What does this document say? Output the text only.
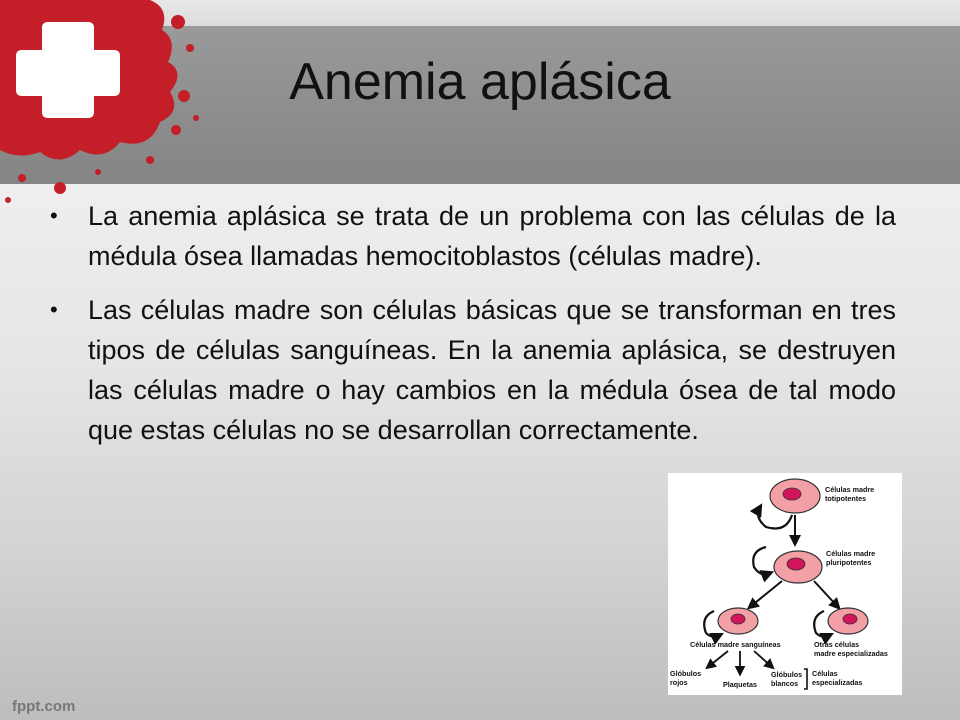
Anemia aplásica
•	La anemia aplásica se trata de un problema con las células de la médula ósea llamadas hemocitoblastos (células madre).
•	Las células madre son células básicas que se transforman en tres tipos de células sanguíneas. En la anemia aplásica, se destruyen las células madre o hay cambios en la médula ósea de tal modo que estas células no se desarrollan correctamente.
Células madre
totipotentes
Células madre
pluripotentes
Células madre sanguíneas	Otras células
madre especializadas
Glóbulos
rojos	Plaquetas
Glóbulos
blancos
Células
especializadas
fppt.com
